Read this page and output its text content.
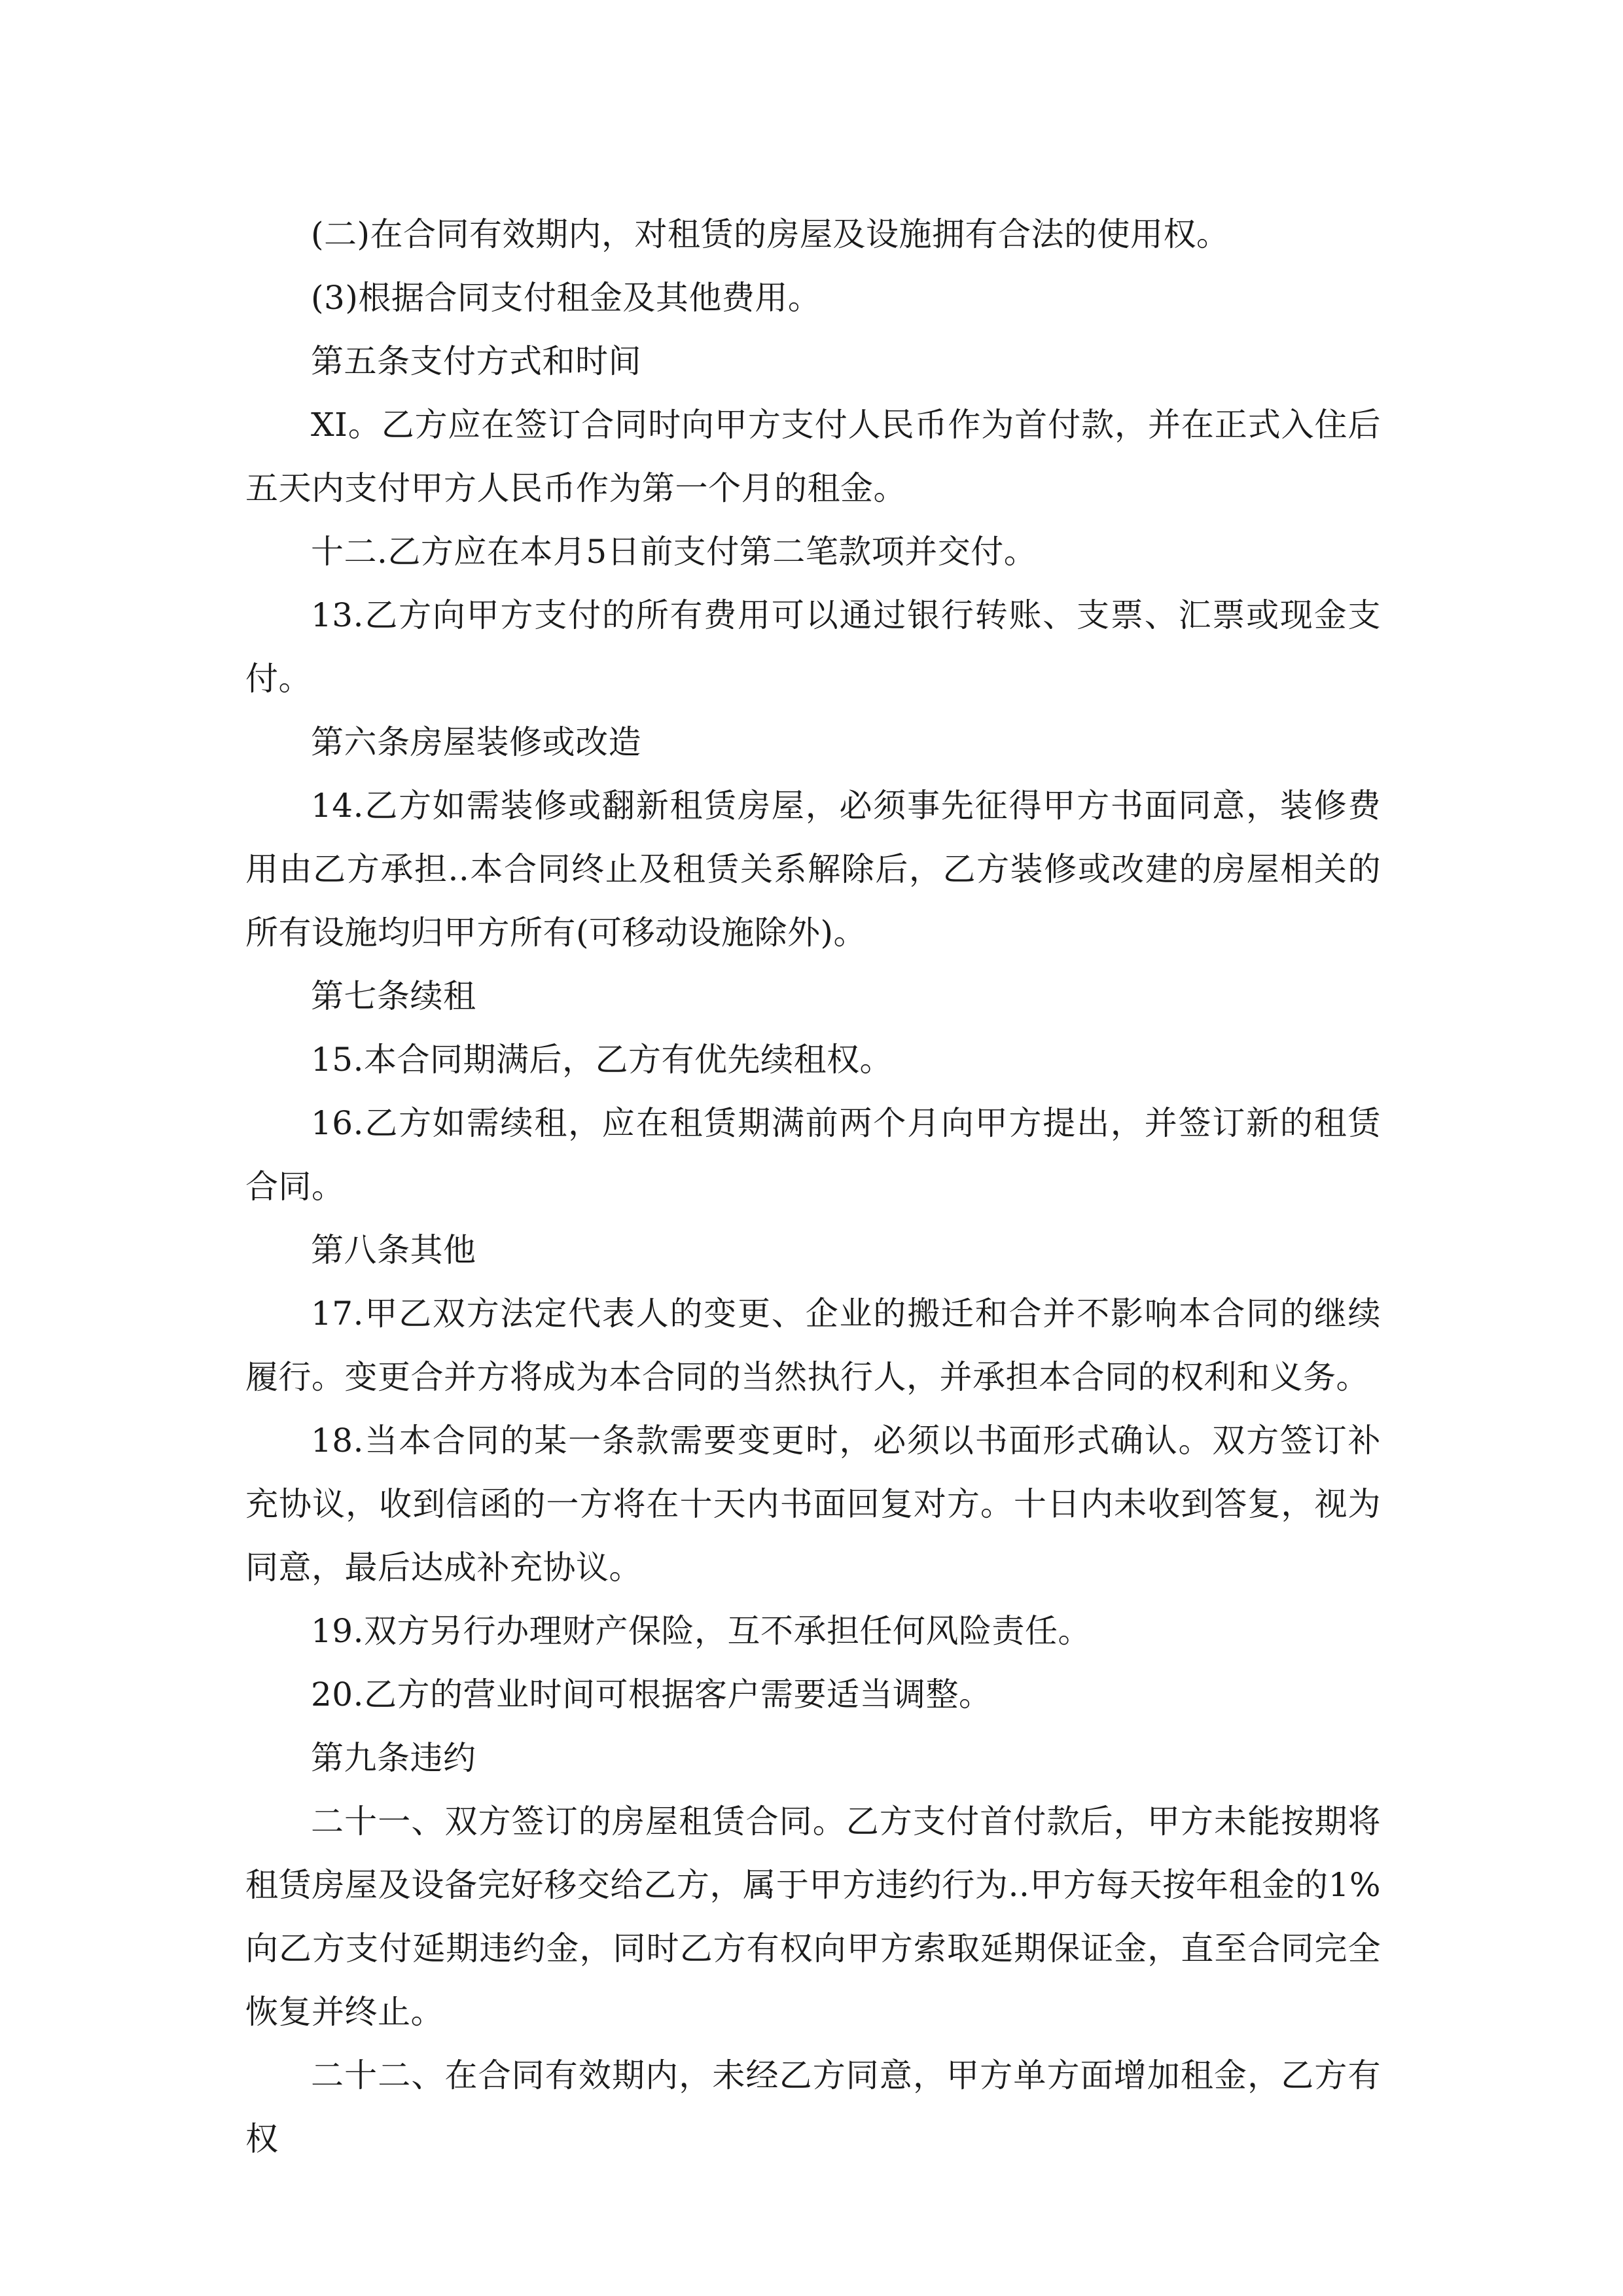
(二)在合同有效期内，对租赁的房屋及设施拥有合法的使用权。

(3)根据合同支付租金及其他费用。

第五条支付方式和时间

XI。乙方应在签订合同时向甲方支付人民币作为首付款，并在正式入住后五天内支付甲方人民币作为第一个月的租金。

十二.乙方应在本月5日前支付第二笔款项并交付。

13.乙方向甲方支付的所有费用可以通过银行转账、支票、汇票或现金支付。

第六条房屋装修或改造

14.乙方如需装修或翻新租赁房屋，必须事先征得甲方书面同意，装修费用由乙方承担..本合同终止及租赁关系解除后，乙方装修或改建的房屋相关的所有设施均归甲方所有(可移动设施除外)。

第七条续租

15.本合同期满后，乙方有优先续租权。

16.乙方如需续租，应在租赁期满前两个月向甲方提出，并签订新的租赁合同。

第八条其他

17.甲乙双方法定代表人的变更、企业的搬迁和合并不影响本合同的继续履行。变更合并方将成为本合同的当然执行人，并承担本合同的权利和义务。

18.当本合同的某一条款需要变更时，必须以书面形式确认。双方签订补充协议，收到信函的一方将在十天内书面回复对方。十日内未收到答复，视为同意，最后达成补充协议。

19.双方另行办理财产保险，互不承担任何风险责任。

20.乙方的营业时间可根据客户需要适当调整。

第九条违约

二十一、双方签订的房屋租赁合同。乙方支付首付款后，甲方未能按期将租赁房屋及设备完好移交给乙方，属于甲方违约行为..甲方每天按年租金的1%向乙方支付延期违约金，同时乙方有权向甲方索取延期保证金，直至合同完全恢复并终止。

二十二、在合同有效期内，未经乙方同意，甲方单方面增加租金，乙方有权
